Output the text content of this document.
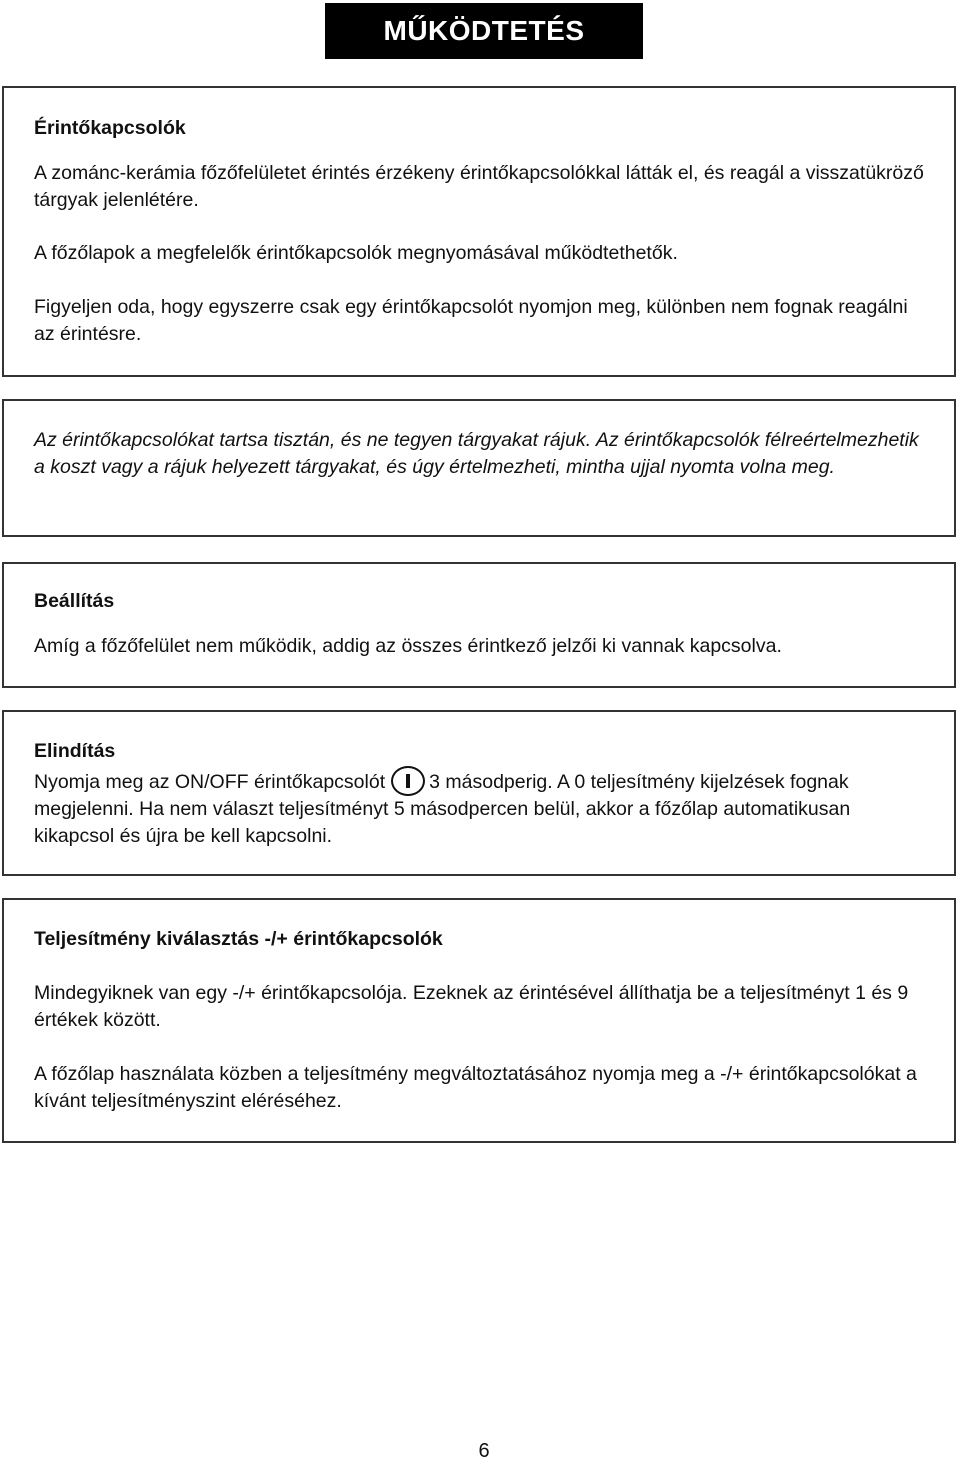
MŰKÖDTETÉS
Érintőkapcsolók

A zománc-kerámia főzőfelületet érintés érzékeny érintőkapcsolókkal látták el, és reagál a visszatükröző tárgyak jelenlétére.

A főzőlapok a megfelelők érintőkapcsolók megnyomásával működtethetők.

Figyeljen oda, hogy egyszerre csak egy érintőkapcsolót nyomjon meg, különben nem fognak reagálni az érintésre.

Az érintőkapcsolókat tartsa tisztán, és ne tegyen tárgyakat rájuk. Az érintőkapcsolók félreértelmezhetik a koszt vagy a rájuk helyezett tárgyakat, és úgy értelmezheti, mintha ujjal nyomta volna meg.

Beállítás

Amíg a főzőfelület nem működik, addig az összes érintkező jelzői ki vannak kapcsolva.

Elindítás

Nyomja meg az ON/OFF érintőkapcsolót 3 másodperig. A 0 teljesítmény kijelzések fognak megjelenni. Ha nem választ teljesítményt 5 másodpercen belül, akkor a főzőlap automatikusan kikapcsol és újra be kell kapcsolni.

Teljesítmény kiválasztás -/+ érintőkapcsolók

Mindegyiknek van egy -/+ érintőkapcsolója. Ezeknek az érintésével állíthatja be a teljesítményt 1 és 9 értékek között.

A főzőlap használata közben a teljesítmény megváltoztatásához nyomja meg a -/+ érintőkapcsolókat a kívánt teljesítményszint eléréséhez.

6
